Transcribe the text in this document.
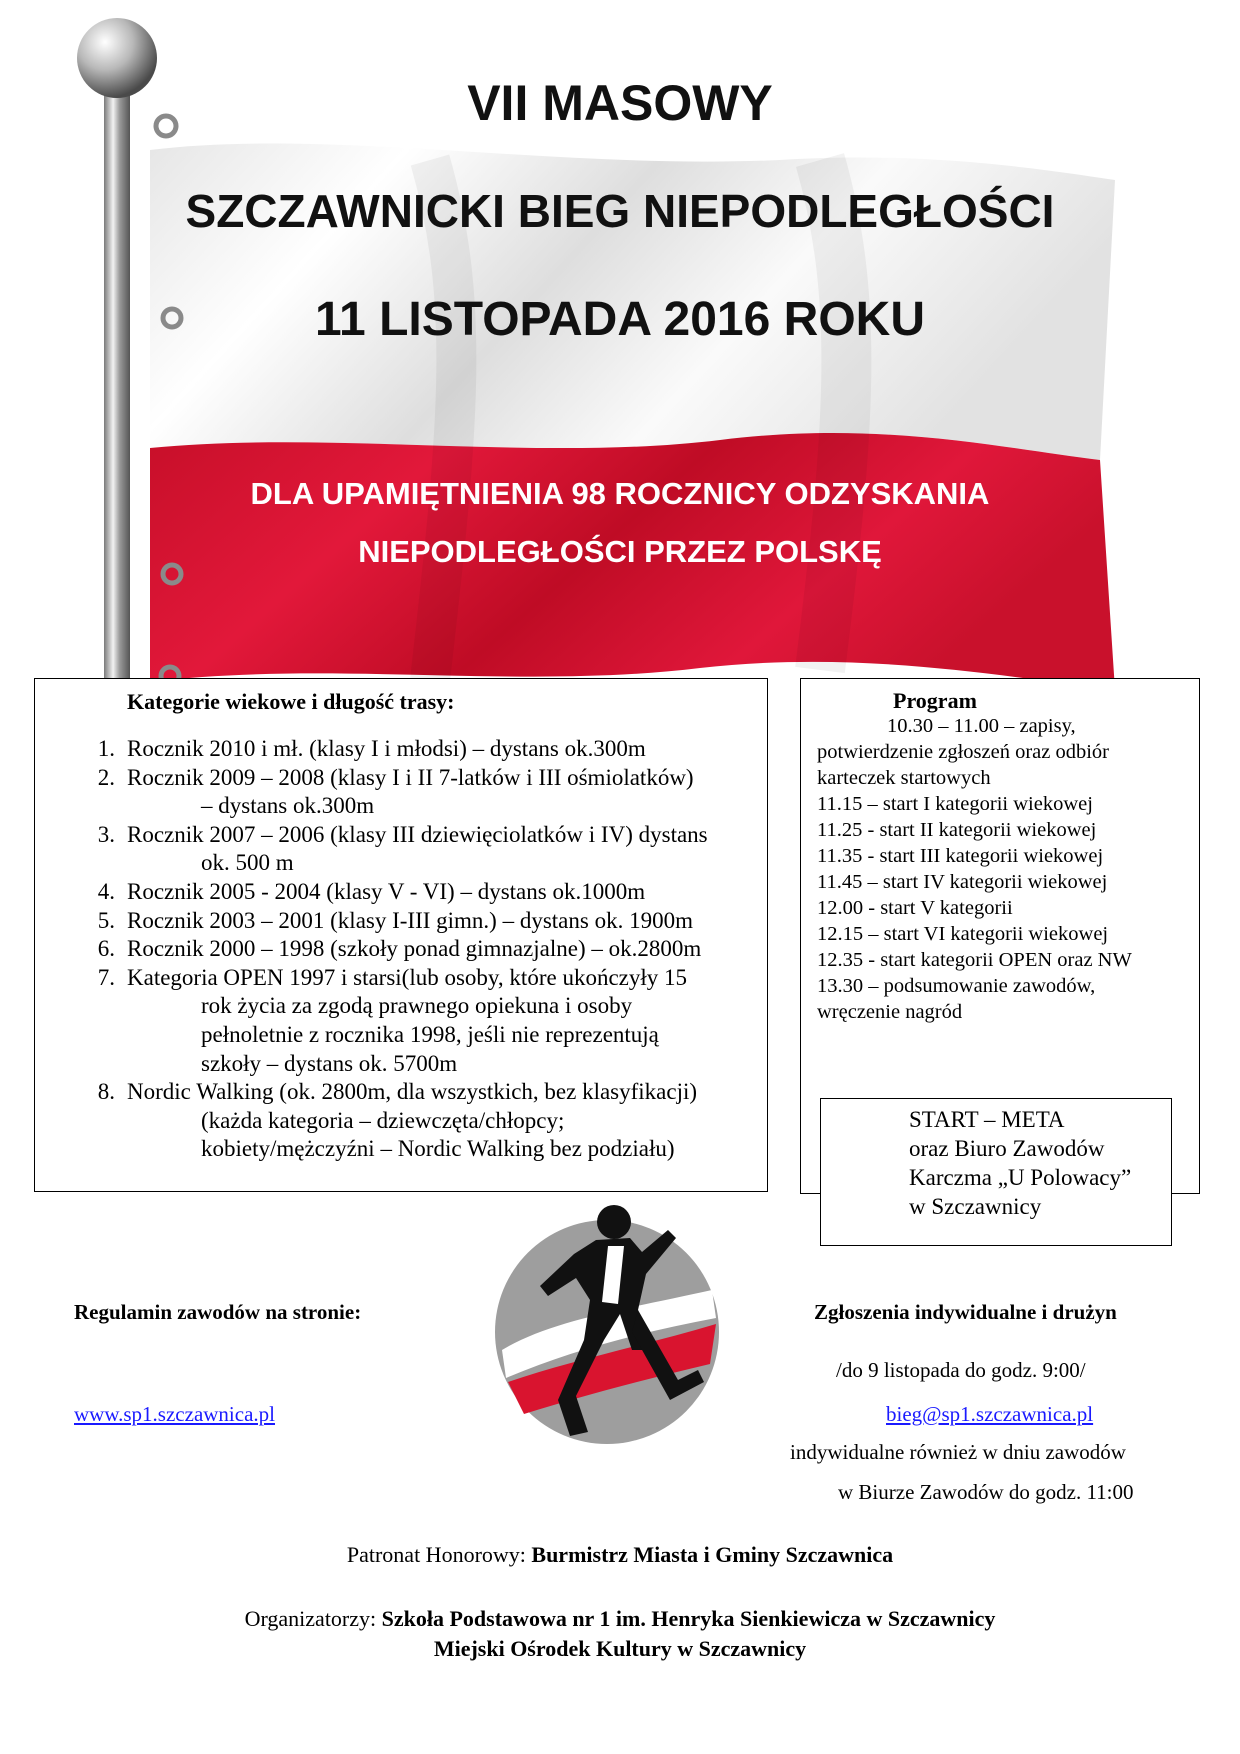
VII MASOWY
SZCZAWNICKI BIEG NIEPODLEGŁOŚCI
11 LISTOPADA 2016 ROKU
DLA UPAMIĘTNIENIA 98 ROCZNICY ODZYSKANIA
NIEPODLEGŁOŚCI PRZEZ POLSKĘ
Kategorie wiekowe i długość trasy:
1. Rocznik 2010 i mł. (klasy I i młodsi) – dystans ok.300m
2. Rocznik 2009 – 2008 (klasy I i II 7-latków i III ośmiolatków)
– dystans ok.300m
3. Rocznik 2007 – 2006 (klasy III dziewięciolatków i IV) dystans
ok. 500 m
4. Rocznik 2005 - 2004 (klasy V - VI) – dystans ok.1000m
5. Rocznik 2003 – 2001 (klasy I-III gimn.) – dystans ok. 1900m
6. Rocznik 2000 – 1998 (szkoły ponad gimnazjalne) – ok.2800m
7. Kategoria OPEN 1997 i starsi(lub osoby, które ukończyły 15
rok życia za zgodą prawnego opiekuna i osoby
pełnoletnie z rocznika 1998, jeśli nie reprezentują
szkoły – dystans ok. 5700m
8. Nordic Walking (ok. 2800m, dla wszystkich, bez klasyfikacji)
(każda kategoria – dziewczęta/chłopcy;
kobiety/mężczyźni – Nordic Walking bez podziału)
Program
10.30 – 11.00 – zapisy,
potwierdzenie zgłoszeń oraz odbiór
karteczek startowych
11.15 – start I kategorii wiekowej
11.25 - start II kategorii wiekowej
11.35 - start III kategorii wiekowej
11.45 – start IV kategorii wiekowej
12.00 - start V kategorii
12.15 – start VI kategorii wiekowej
12.35 - start kategorii OPEN oraz NW
13.30 – podsumowanie zawodów,
wręczenie nagród
START – META
oraz Biuro Zawodów
Karczma „U Polowacy”
w Szczawnicy
Regulamin zawodów na stronie:
www.sp1.szczawnica.pl
Zgłoszenia indywidualne i drużyn
/do 9 listopada do godz. 9:00/
bieg@sp1.szczawnica.pl
indywidualne również w dniu zawodów
w Biurze Zawodów do godz. 11:00
Patronat Honorowy: Burmistrz Miasta i Gminy Szczawnica
Organizatorzy: Szkoła Podstawowa nr 1 im. Henryka Sienkiewicza w Szczawnicy
Miejski Ośrodek Kultury w Szczawnicy
